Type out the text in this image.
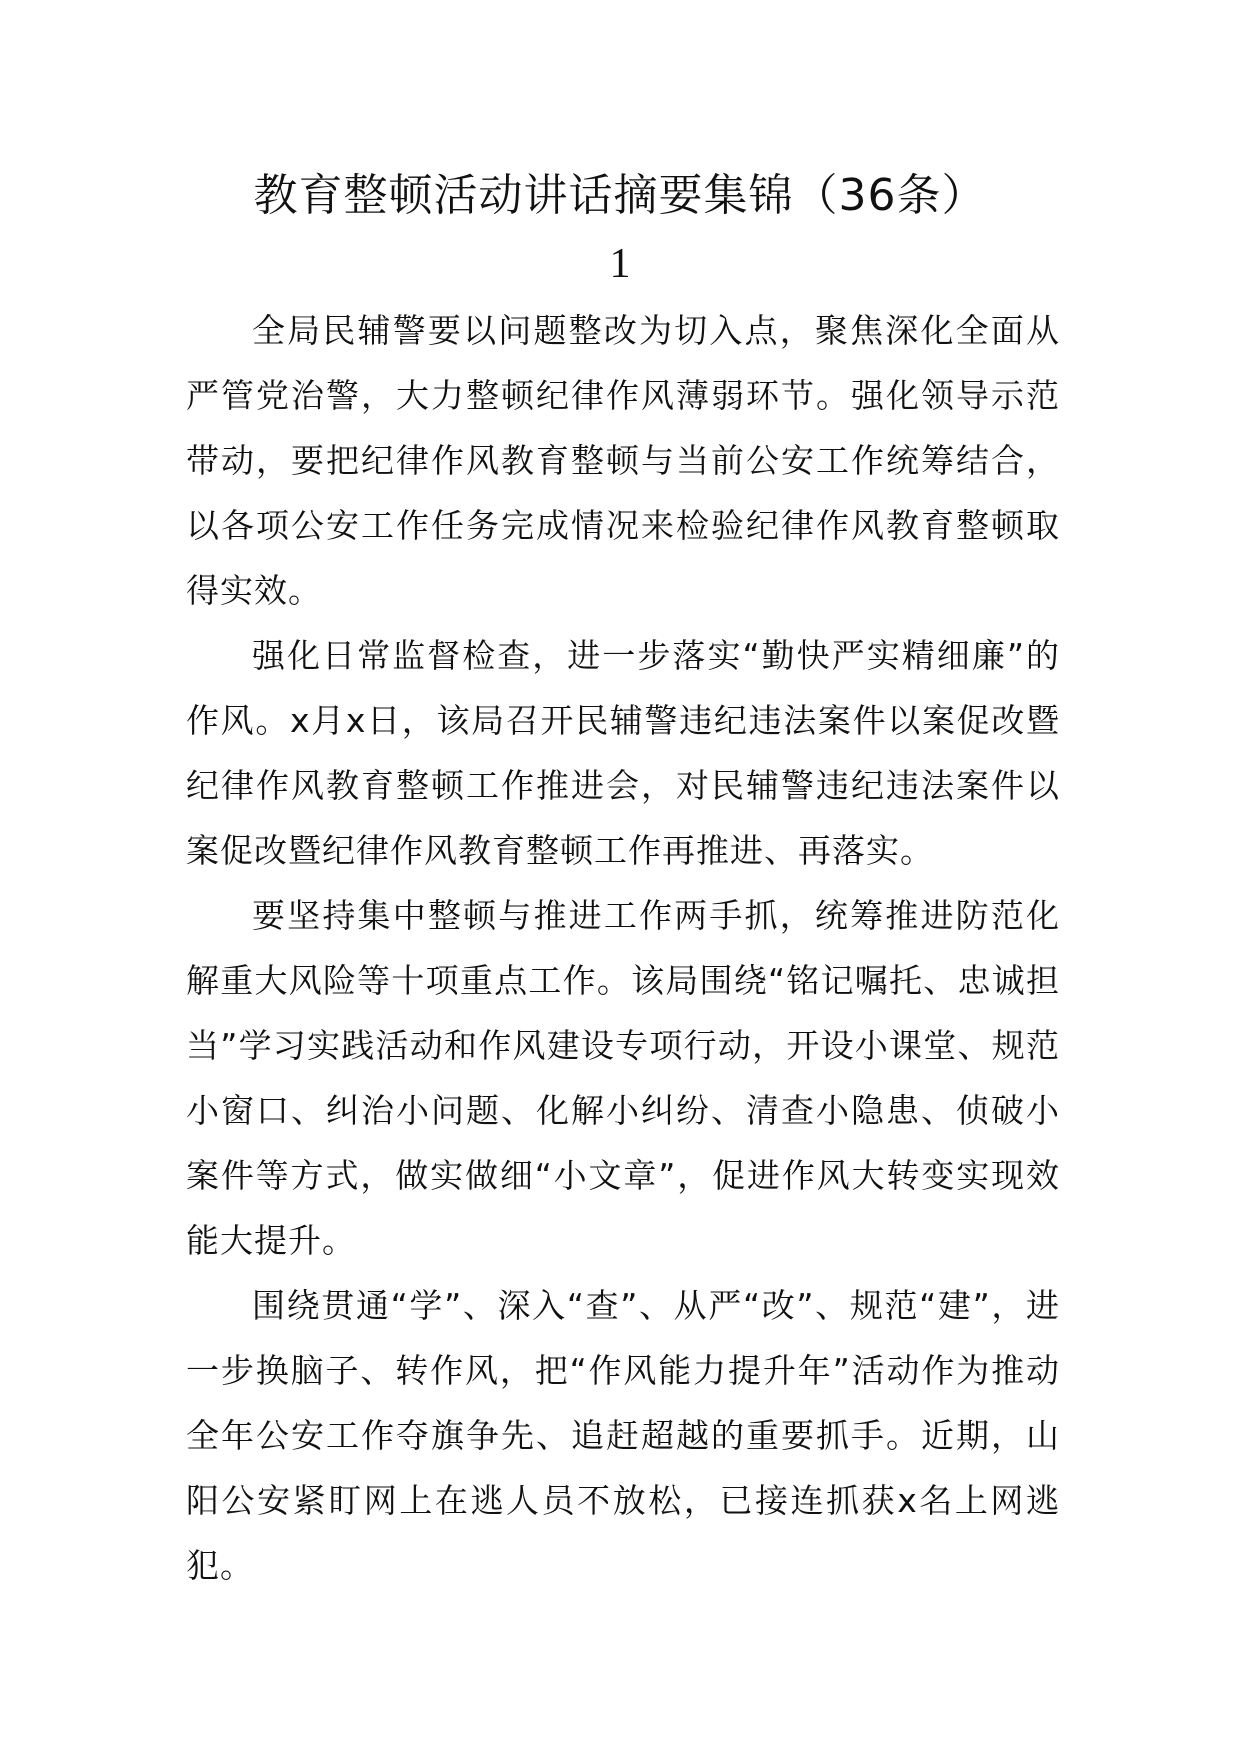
教育整顿活动讲话摘要集锦（36条）
1

全局民辅警要以问题整改为切入点，聚焦深化全面从严管党治警，大力整顿纪律作风薄弱环节。强化领导示范带动，要把纪律作风教育整顿与当前公安工作统筹结合，以各项公安工作任务完成情况来检验纪律作风教育整顿取得实效。

强化日常监督检查，进一步落实“勤快严实精细廉”的作风。x月x日，该局召开民辅警违纪违法案件以案促改暨纪律作风教育整顿工作推进会，对民辅警违纪违法案件以案促改暨纪律作风教育整顿工作再推进、再落实。

要坚持集中整顿与推进工作两手抓，统筹推进防范化解重大风险等十项重点工作。该局围绕“铭记嘱托、忠诚担当”学习实践活动和作风建设专项行动，开设小课堂、规范小窗口、纠治小问题、化解小纠纷、清查小隐患、侦破小案件等方式，做实做细“小文章”，促进作风大转变实现效能大提升。

围绕贯通“学”、深入“查”、从严“改”、规范“建”，进一步换脑子、转作风，把“作风能力提升年”活动作为推动全年公安工作夺旗争先、追赶超越的重要抓手。近期，山阳公安紧盯网上在逃人员不放松，已接连抓获x名上网逃犯。
